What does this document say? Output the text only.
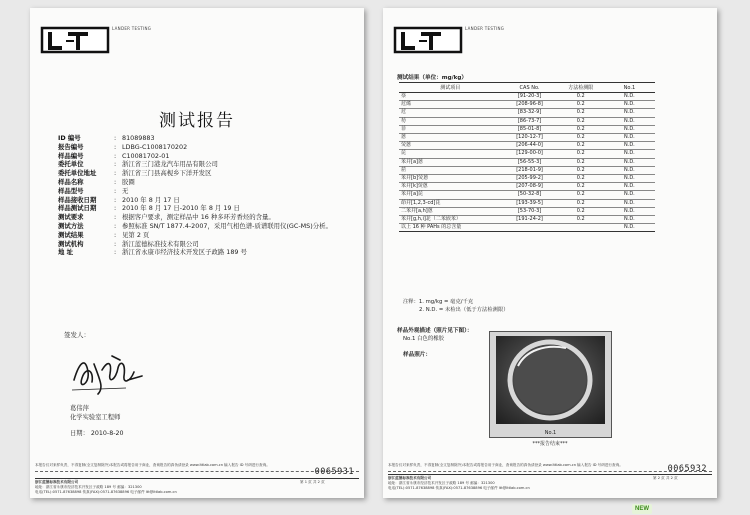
LANDER TESTING
测试报告
ID 编号	: 81089883
报告编号	: LDBG-C1008170202
样品编号	: C10081702-01
委托单位	: 浙江省三门港龙汽车用品有限公司
委托单位地址	: 浙江省三门县高枧乡下洋开发区
样品名称	: 胶圈
样品型号	: 无
样品接收日期	: 2010 年 8 月 17 日
样品测试日期	: 2010 年 8 月 17 日-2010 年 8 月 19 日
测试要求	: 根据客户要求，测定样品中 16 种多环芳香烃的含量。
测试方法	: 参照标准 SN/T 1877.4-2007，采用气相色谱-质谱联用仪(GC-MS)分析。
测试结果	: 见第 2 页
测试机构	: 浙江蓝德标准技术有限公司
地 址	: 浙江省永康市经济技术开发区子政路 189 号
签发人：
葛伟萍
化学实验室工程师
日期： 2010-8-20
本报告仅对来样负责，不得复制(全文复制除外)本报告或将报告用于商业，查询报告的真伪请登录 www.lttlab.com.cn 输入报告 ID 号码进行查询。
0065931
浙江蓝德标准技术有限公司	第 1 页 共 2 页
地址：浙江省永康市经济技术开发区子政路 189 号 邮编：321300
电话(TEL):0571-87638898 传真(FAX):0571-87638896 电子邮件 ltt@lttlab.com.cn
LANDER TESTING
测试结果（单位：mg/kg）
测试项目	CAS No.	方法检测限	No.1
萘	[91-20-3]	0.2	N.D.
苊烯	[208-96-8]	0.2	N.D.
苊	[83-32-9]	0.2	N.D.
芴	[86-73-7]	0.2	N.D.
菲	[85-01-8]	0.2	N.D.
蒽	[120-12-7]	0.2	N.D.
荧蒽	[206-44-0]	0.2	N.D.
芘	[129-00-0]	0.2	N.D.
苯并[a]蒽	[56-55-3]	0.2	N.D.
䓛	[218-01-9]	0.2	N.D.
苯并[b]荧蒽	[205-99-2]	0.2	N.D.
苯并[k]荧蒽	[207-08-9]	0.2	N.D.
苯并[a]芘	[50-32-8]	0.2	N.D.
茚并[1,2,3-cd]芘	[193-39-5]	0.2	N.D.
二苯并[a,h]蒽	[53-70-3]	0.2	N.D.
苯并[g,h,i]苝（二苯嵌苯）	[191-24-2]	0.2	N.D.
以上 16 种 PAHs 的总含量			N.D.
注释：1. mg/kg = 毫克/千克
2. N.D. = 未检出（低于方法检测限）
样品外观描述（照片见下图）：
No.1 白色的橡胶
样品照片：
No.1
***报告结束***
本报告仅对来样负责，不得复制(全文复制除外)本报告或将报告用于商业，查询报告的真伪请登录 www.lttlab.com.cn 输入报告 ID 号码进行查询。	0065932
浙江蓝德标准技术有限公司	第 2 页 共 2 页
地址：浙江省永康市经济技术开发区子政路 189 号 邮编：321300
电话(TEL):0571-87638898 传真(FAX):0571-87638896 电子邮件 ltt@lttlab.com.cn
NEW
